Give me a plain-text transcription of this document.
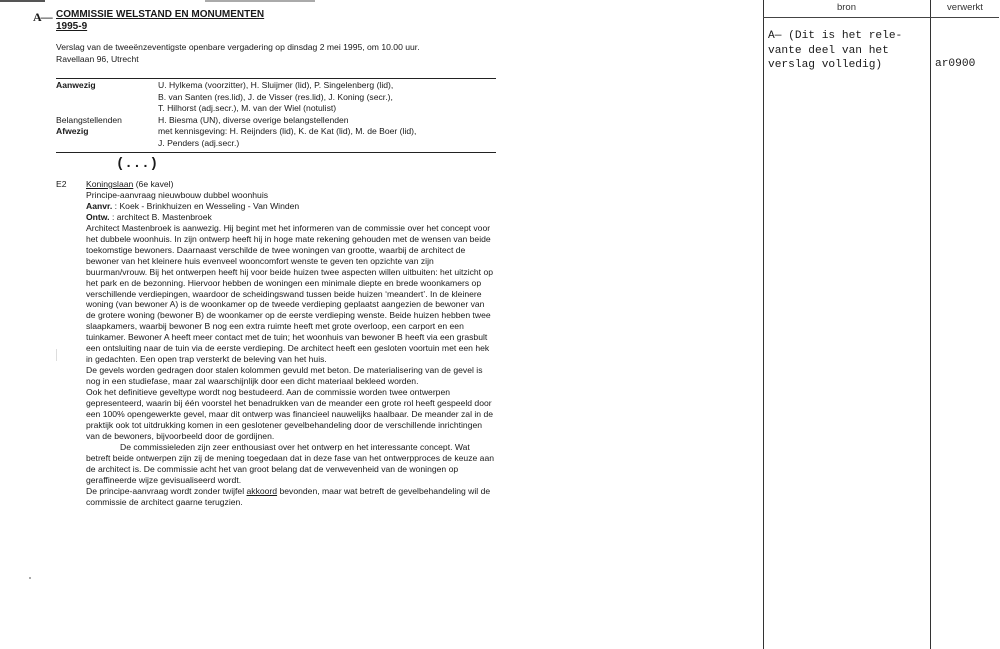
A— COMMISSIE WELSTAND EN MONUMENTEN
1995-9
Verslag van de tweeënzeventigste openbare vergadering op dinsdag 2 mei 1995, om 10.00 uur.
Ravellaan 96, Utrecht
Aanwezig	U. Hylkema (voorzitter), H. Sluijmer (lid), P. Singelenberg (lid),
B. van Santen (res.lid), J. de Visser (res.lid), J. Koning (secr.),
T. Hilhorst (adj.secr.), M. van der Wiel (notulist)
Belangstellenden	H. Biesma (UN), diverse overige belangstellenden
Afwezig	met kennisgeving: H. Reijnders (lid), K. de Kat (lid), M. de Boer (lid),
J. Penders (adj.secr.)
(...)
E2 Koningslaan (6e kavel)

Principe-aanvraag nieuwbouw dubbel woonhuis

Aanvr. : Koek - Brinkhuizen en Wesseling - Van Winden

Ontw. : architect B. Mastenbroek

Architect Mastenbroek is aanwezig. Hij begint met het informeren van de commissie over het concept voor het dubbele woonhuis. In zijn ontwerp heeft hij in hoge mate rekening gehouden met de wensen van beide toekomstige bewoners. Daarnaast verschilde de twee woningen van grootte, waarbij de architect de bewoner van het kleinere huis evenveel wooncomfort wenste te geven ten opzichte van zijn buurman/vrouw. Bij het ontwerpen heeft hij voor beide huizen twee aspecten willen uitbuiten: het uitzicht op het park en de bezonning. Hiervoor hebben de woningen een minimale diepte en brede woonkamers op verschillende verdiepingen, waardoor de scheidingswand tussen beide huizen ‘meandert’. In de kleinere woning (van bewoner A) is de woonkamer op de tweede verdieping geplaatst aangezien de bewoner van de grotere woning (bewoner B) de woonkamer op de eerste verdieping wenste. Beide huizen hebben twee slaapkamers, waarbij bewoner B nog een extra ruimte heeft met grote overloop, een carport en een tuinkamer. Bewoner A heeft meer contact met de tuin; het woonhuis van bewoner B heeft via een grasbult een ontsluiting naar de tuin via de eerste verdieping. De architect heeft een gesloten voortuin met een hek in gedachten. Een open trap versterkt de beleving van het huis.

De gevels worden gedragen door stalen kolommen gevuld met beton. De materialisering van de gevel is nog in een studiefase, maar zal waarschijnlijk door een dicht materiaal bekleed worden.

Ook het definitieve geveltype wordt nog bestudeerd. Aan de commissie worden twee ontwerpen gepresenteerd, waarin bij één voorstel het benadrukken van de meander een grote rol heeft gespeeld door een 100% opengewerkte gevel, maar dit ontwerp was financieel nauwelijks haalbaar. De meander zal in de praktijk ook tot uitdrukking komen in een geslotener gevelbehandeling door de verschillende inrichtingen van de bewoners, bijvoorbeeld door de gordijnen.

De commissieleden zijn zeer enthousiast over het ontwerp en het interessante concept. Wat betreft beide ontwerpen zijn zij de mening toegedaan dat in deze fase van het ontwerpproces de keuze aan de architect is. De commissie acht het van groot belang dat de verwevenheid van de woningen op geraffineerde wijze gevisualiseerd wordt.

De principe-aanvraag wordt zonder twijfel akkoord bevonden, maar wat betreft de gevelbehandeling wil de commissie de architect gaarne terugzien.

bron	verwerkt
A— (Dit is het rele-
vante deel van het
verslag volledig)	ar0900
